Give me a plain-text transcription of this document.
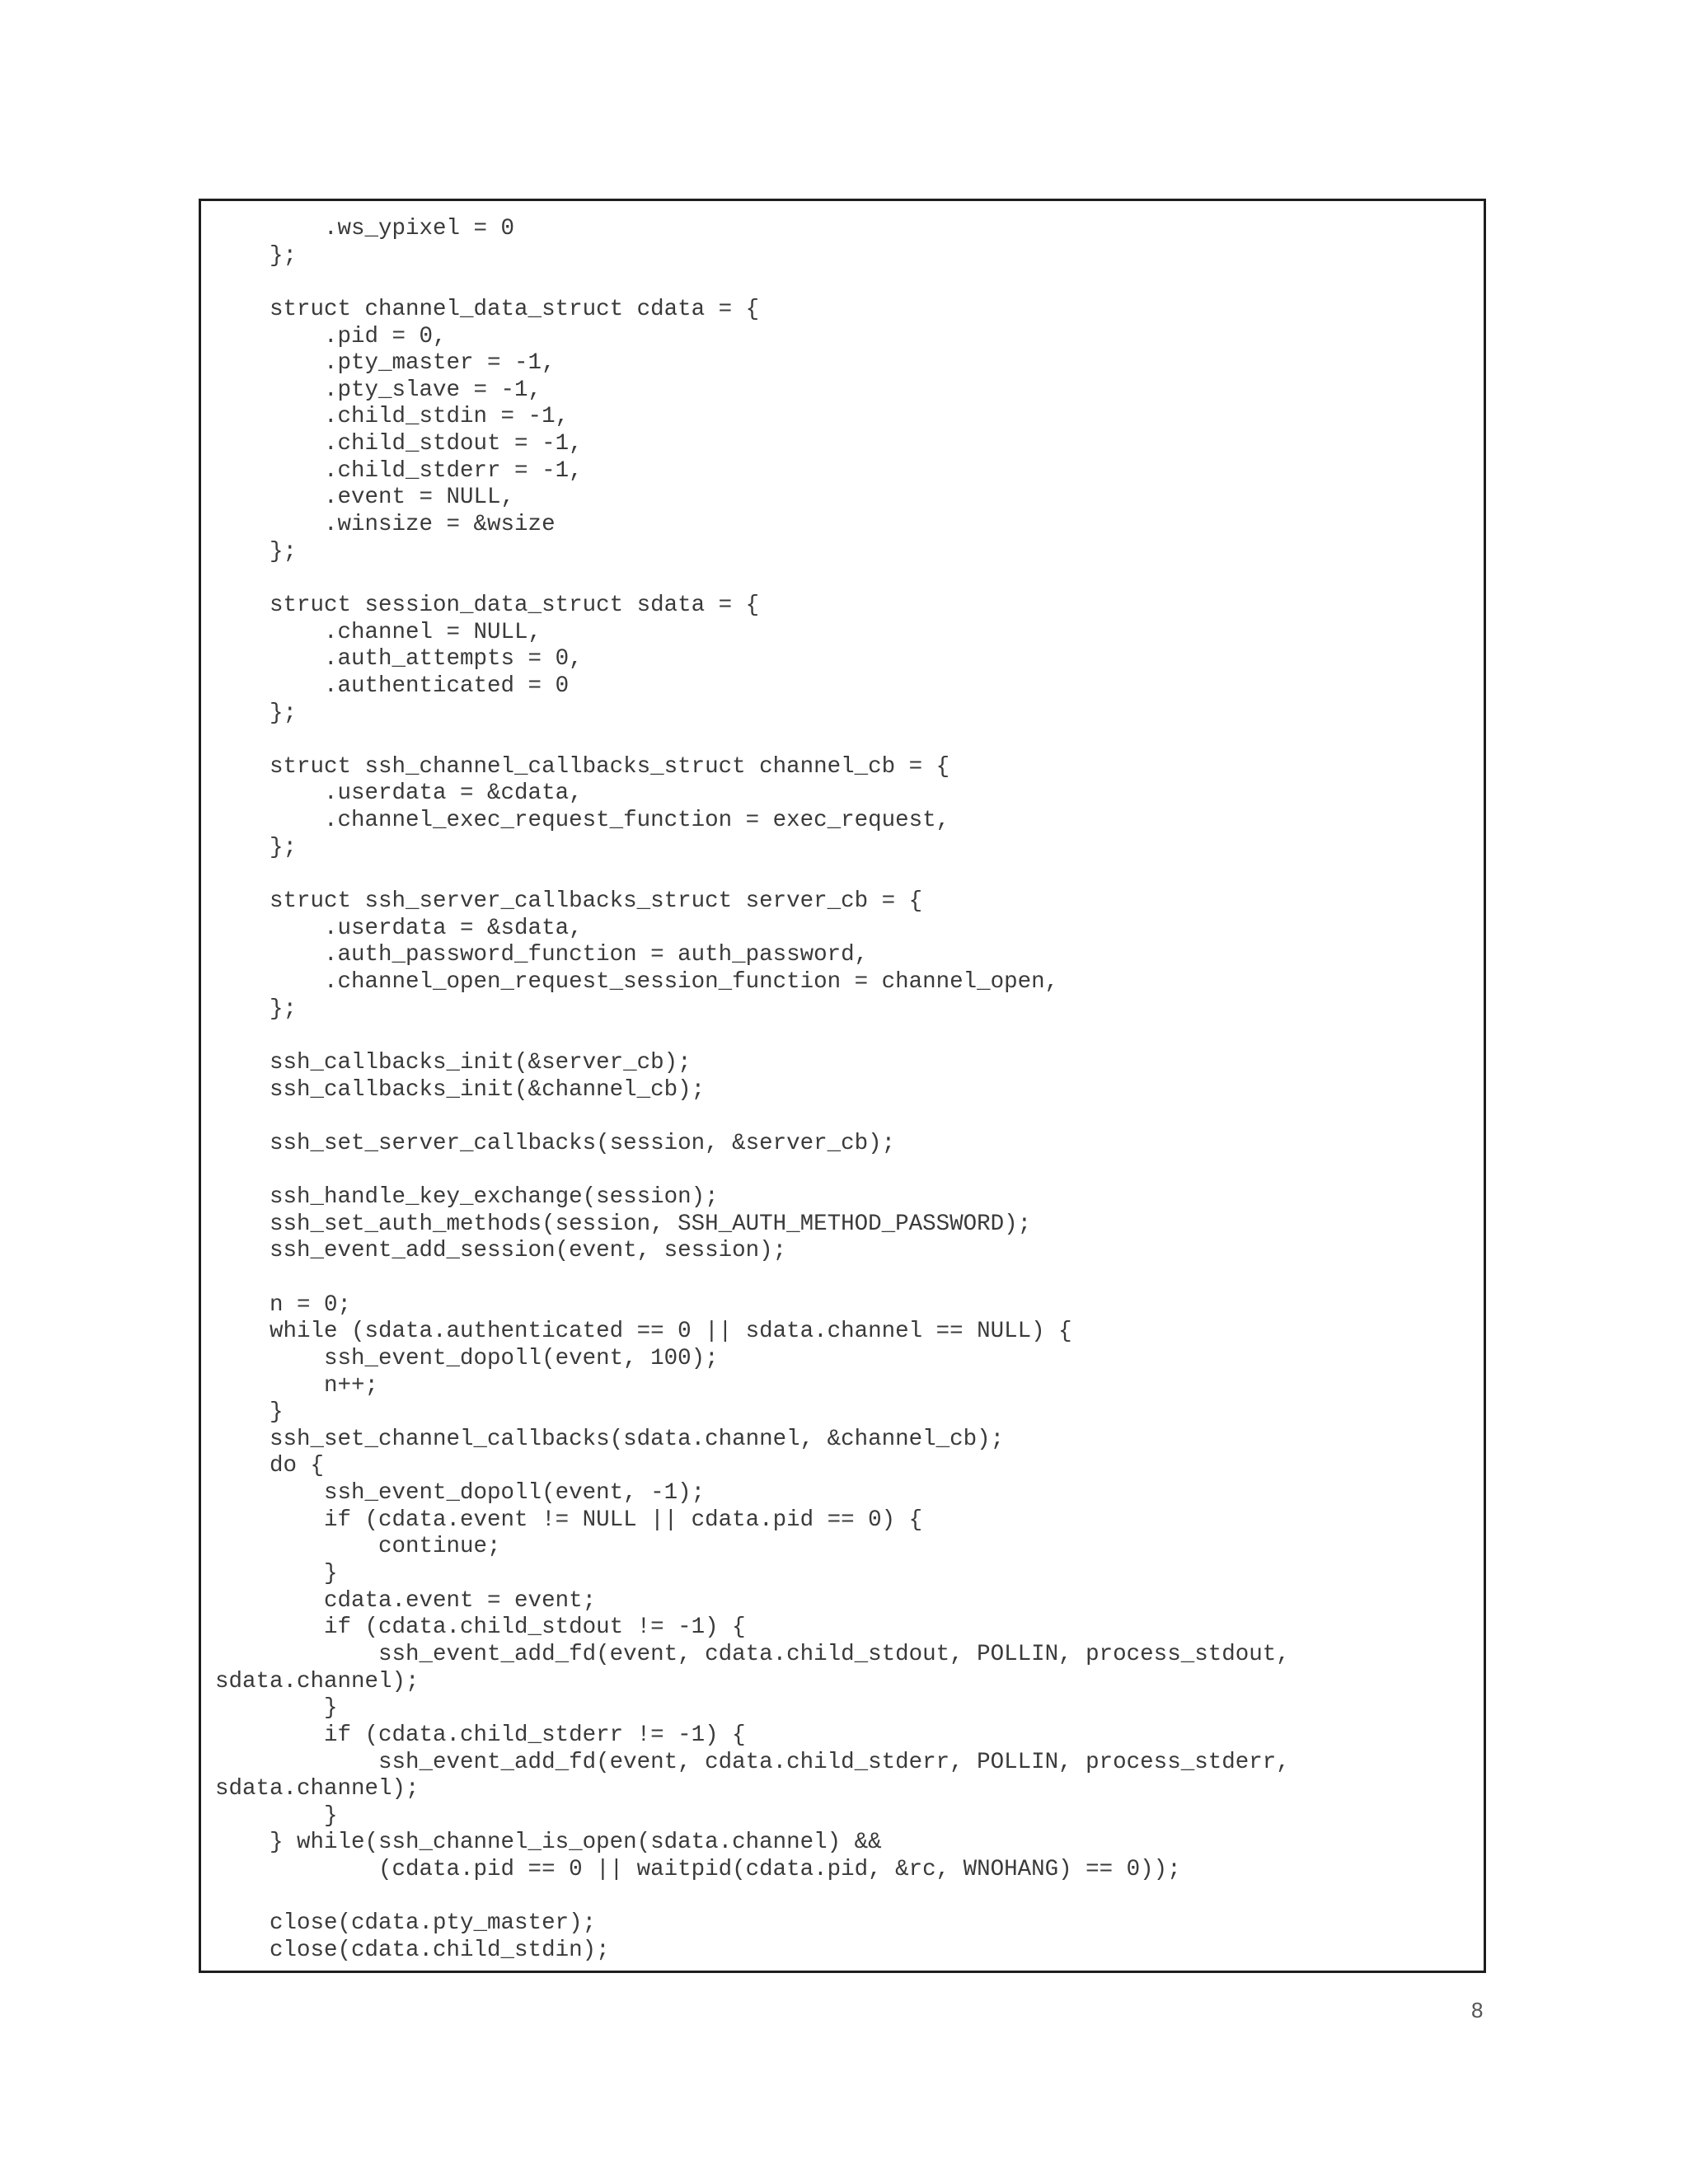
.ws_ypixel = 0
};
struct channel_data_struct cdata = {
.pid = 0,
.pty_master = -1,
.pty_slave = -1,
.child_stdin = -1,
.child_stdout = -1,
.child_stderr = -1,
.event = NULL,
.winsize = &wsize
};
struct session_data_struct sdata = {
.channel = NULL,
.auth_attempts = 0,
.authenticated = 0
};
struct ssh_channel_callbacks_struct channel_cb = {
.userdata = &cdata,
.channel_exec_request_function = exec_request,
};
struct ssh_server_callbacks_struct server_cb = {
.userdata = &sdata,
.auth_password_function = auth_password,
.channel_open_request_session_function = channel_open,
};
ssh_callbacks_init(&server_cb);
ssh_callbacks_init(&channel_cb);
ssh_set_server_callbacks(session, &server_cb);
ssh_handle_key_exchange(session);
ssh_set_auth_methods(session, SSH_AUTH_METHOD_PASSWORD);
ssh_event_add_session(event, session);
n = 0;
while (sdata.authenticated == 0 || sdata.channel == NULL) {
ssh_event_dopoll(event, 100);
n++;
}
ssh_set_channel_callbacks(sdata.channel, &channel_cb);
do {
ssh_event_dopoll(event, -1);
if (cdata.event != NULL || cdata.pid == 0) {
continue;
}
cdata.event = event;
if (cdata.child_stdout != -1) {
ssh_event_add_fd(event, cdata.child_stdout, POLLIN, process_stdout,
sdata.channel);
}
if (cdata.child_stderr != -1) {
ssh_event_add_fd(event, cdata.child_stderr, POLLIN, process_stderr,
sdata.channel);
}
} while(ssh_channel_is_open(sdata.channel) &&
(cdata.pid == 0 || waitpid(cdata.pid, &rc, WNOHANG) == 0));
close(cdata.pty_master);
close(cdata.child_stdin);
8
